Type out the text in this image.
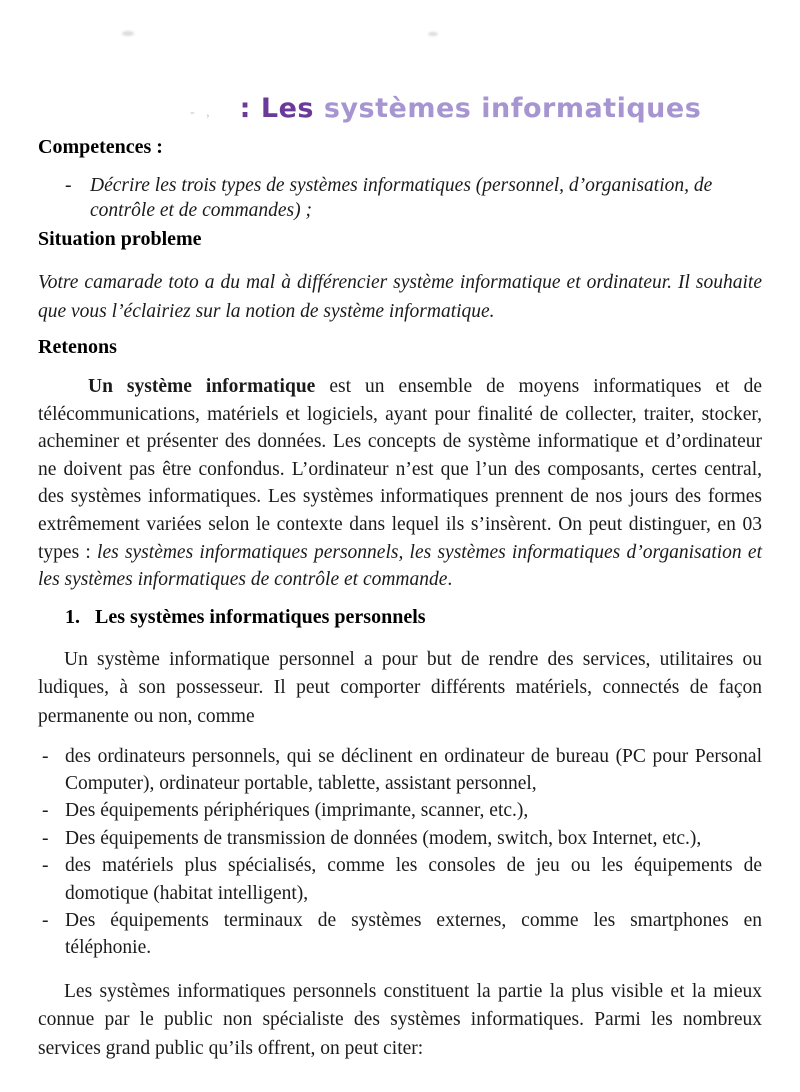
- , : Les systèmes informatiques
Competences :
- Décrire les trois types de systèmes informatiques (personnel, d’organisation, de contrôle et de commandes) ;
Situation probleme

Votre camarade toto a du mal à différencier système informatique et ordinateur. Il souhaite que vous l’éclairiez sur la notion de système informatique.

Retenons

Un système informatique est un ensemble de moyens informatiques et de télécommunications, matériels et logiciels, ayant pour finalité de collecter, traiter, stocker, acheminer et présenter des données. Les concepts de système informatique et d’ordinateur ne doivent pas être confondus. L’ordinateur n’est que l’un des composants, certes central, des systèmes informatiques. Les systèmes informatiques prennent de nos jours des formes extrêmement variées selon le contexte dans lequel ils s’insèrent. On peut distinguer, en 03 types : les systèmes informatiques personnels, les systèmes informatiques d’organisation et les systèmes informatiques de contrôle et commande.

1. Les systèmes informatiques personnels

Un système informatique personnel a pour but de rendre des services, utilitaires ou ludiques, à son possesseur. Il peut comporter différents matériels, connectés de façon permanente ou non, comme

- des ordinateurs personnels, qui se déclinent en ordinateur de bureau (PC pour Personal Computer), ordinateur portable, tablette, assistant personnel,
- Des équipements périphériques (imprimante, scanner, etc.),
- Des équipements de transmission de données (modem, switch, box Internet, etc.),
- des matériels plus spécialisés, comme les consoles de jeu ou les équipements de domotique (habitat intelligent),
- Des équipements terminaux de systèmes externes, comme les smartphones en téléphonie.

Les systèmes informatiques personnels constituent la partie la plus visible et la mieux connue par le public non spécialiste des systèmes informatiques. Parmi les nombreux services grand public qu’ils offrent, on peut citer:
